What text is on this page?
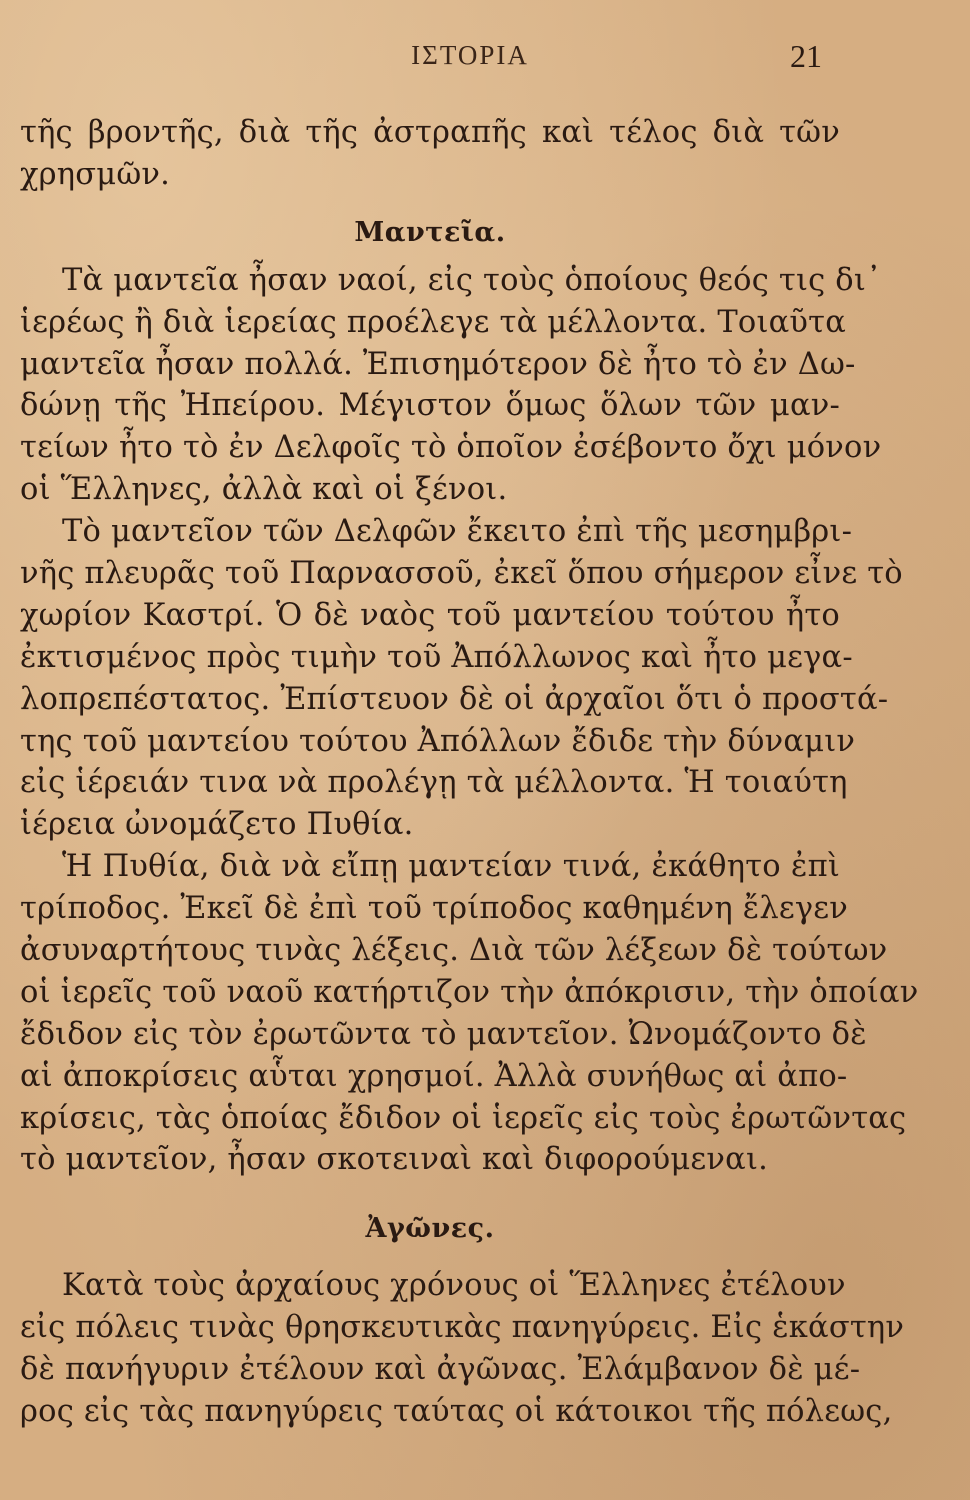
ΙΣΤΟΡΙΑ	21
τῆς βροντῆς, διὰ τῆς ἀστραπῆς καὶ τέλος διὰ τῶν
χρησμῶν.
Μαντεῖα.
Τὰ μαντεῖα ἦσαν ναοί, εἰς τοὺς ὁποίους θεός τις δι᾽
ἱερέως ἢ διὰ ἱερείας προέλεγε τὰ μέλλοντα. Τοιαῦτα
μαντεῖα ἦσαν πολλά. Ἐπισημότερον δὲ ἦτο τὸ ἐν Δω-
δώνῃ τῆς Ἠπείρου. Μέγιστον ὅμως ὅλων τῶν μαν-
τείων ἦτο τὸ ἐν Δελφοῖς τὸ ὁποῖον ἐσέβοντο ὄχι μόνον
οἱ Ἕλληνες, ἀλλὰ καὶ οἱ ξένοι.
Τὸ μαντεῖον τῶν Δελφῶν ἔκειτο ἐπὶ τῆς μεσημβρι-
νῆς πλευρᾶς τοῦ Παρνασσοῦ, ἐκεῖ ὅπου σήμερον εἶνε τὸ
χωρίον Καστρί. Ὁ δὲ ναὸς τοῦ μαντείου τούτου ἦτο
ἐκτισμένος πρὸς τιμὴν τοῦ Ἀπόλλωνος καὶ ἦτο μεγα-
λοπρεπέστατος. Ἐπίστευον δὲ οἱ ἀρχαῖοι ὅτι ὁ προστά-
της τοῦ μαντείου τούτου Ἀπόλλων ἔδιδε τὴν δύναμιν
εἰς ἱέρειάν τινα νὰ προλέγῃ τὰ μέλλοντα. Ἡ τοιαύτη
ἱέρεια ὠνομάζετο Πυθία.
Ἡ Πυθία, διὰ νὰ εἴπῃ μαντείαν τινά, ἐκάθητο ἐπὶ
τρίποδος. Ἐκεῖ δὲ ἐπὶ τοῦ τρίποδος καθημένη ἔλεγεν
ἀσυναρτήτους τινὰς λέξεις. Διὰ τῶν λέξεων δὲ τούτων
οἱ ἱερεῖς τοῦ ναοῦ κατήρτιζον τὴν ἀπόκρισιν, τὴν ὁποίαν
ἔδιδον εἰς τὸν ἐρωτῶντα τὸ μαντεῖον. Ὠνομάζοντο δὲ
αἱ ἀποκρίσεις αὗται χρησμοί. Ἀλλὰ συνήθως αἱ ἀπο-
κρίσεις, τὰς ὁποίας ἔδιδον οἱ ἱερεῖς εἰς τοὺς ἐρωτῶντας
τὸ μαντεῖον, ἦσαν σκοτειναὶ καὶ διφορούμεναι.
Ἀγῶνες.
Κατὰ τοὺς ἀρχαίους χρόνους οἱ Ἕλληνες ἐτέλουν
εἰς πόλεις τινὰς θρησκευτικὰς πανηγύρεις. Εἰς ἑκάστην
δὲ πανήγυριν ἐτέλουν καὶ ἀγῶνας. Ἐλάμβανον δὲ μέ-
ρος εἰς τὰς πανηγύρεις ταύτας οἱ κάτοικοι τῆς πόλεως,
